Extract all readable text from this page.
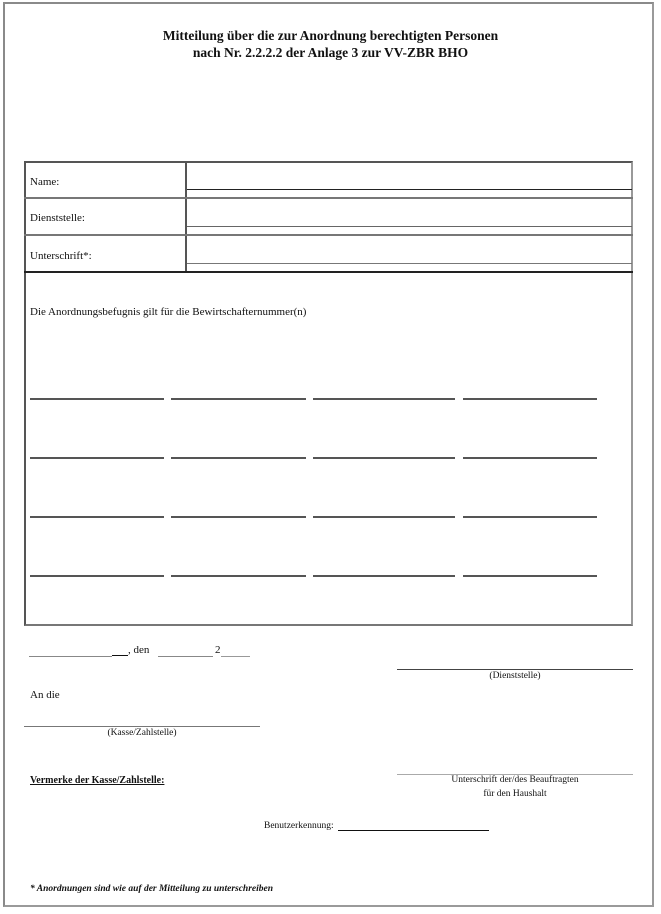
Mitteilung über die zur Anordnung berechtigten Personen
nach Nr. 2.2.2.2 der Anlage 3 zur VV-ZBR BHO
Name:
Dienststelle:
Unterschrift*:
Die Anordnungsbefugnis gilt für die Bewirtschafternummer(n)
, den	2
(Dienststelle)
An die
(Kasse/Zahlstelle)
Vermerke der Kasse/Zahlstelle:	Unterschrift der/des Beauftragten
für den Haushalt
Benutzerkennung:
* Anordnungen sind wie auf der Mitteilung zu unterschreiben
